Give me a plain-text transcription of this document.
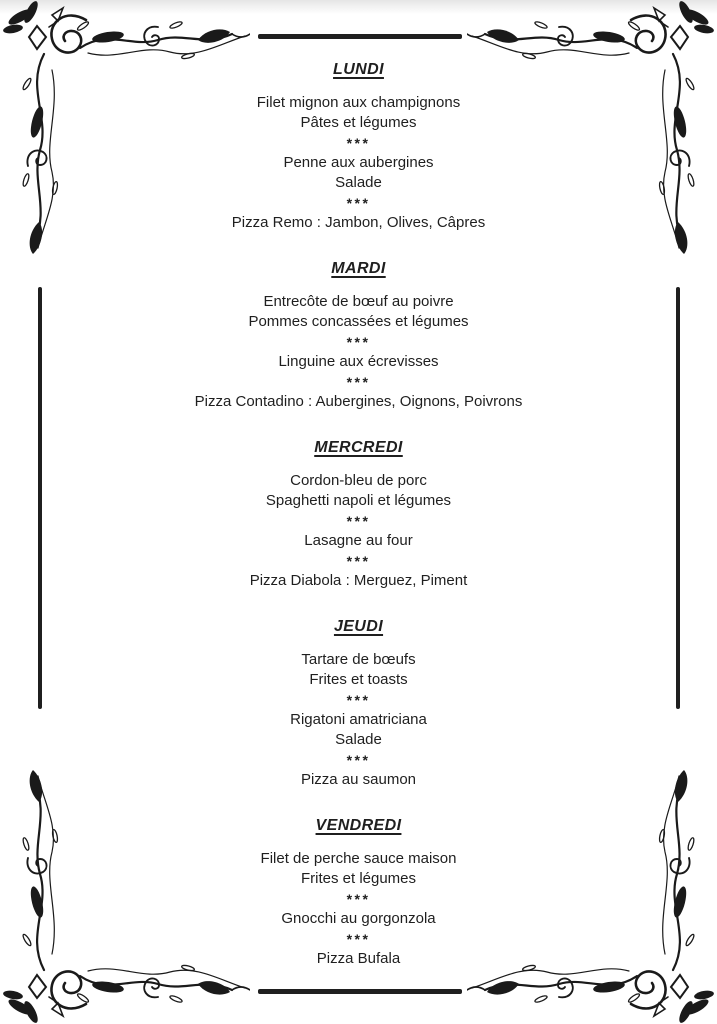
LUNDI

Filet mignon aux champignons

Pâtes et légumes

***

Penne aux aubergines

Salade

***

Pizza Remo : Jambon, Olives, Câpres

MARDI

Entrecôte de bœuf au poivre

Pommes concassées et légumes

***

Linguine aux écrevisses

***

Pizza Contadino : Aubergines, Oignons, Poivrons

MERCREDI

Cordon-bleu de porc

Spaghetti napoli et légumes

***

Lasagne au four

***

Pizza Diabola : Merguez, Piment

JEUDI

Tartare de bœufs

Frites et toasts

***

Rigatoni amatriciana

Salade

***

Pizza au saumon

VENDREDI

Filet de perche sauce maison

Frites et légumes

***

Gnocchi au gorgonzola

***

Pizza Bufala
